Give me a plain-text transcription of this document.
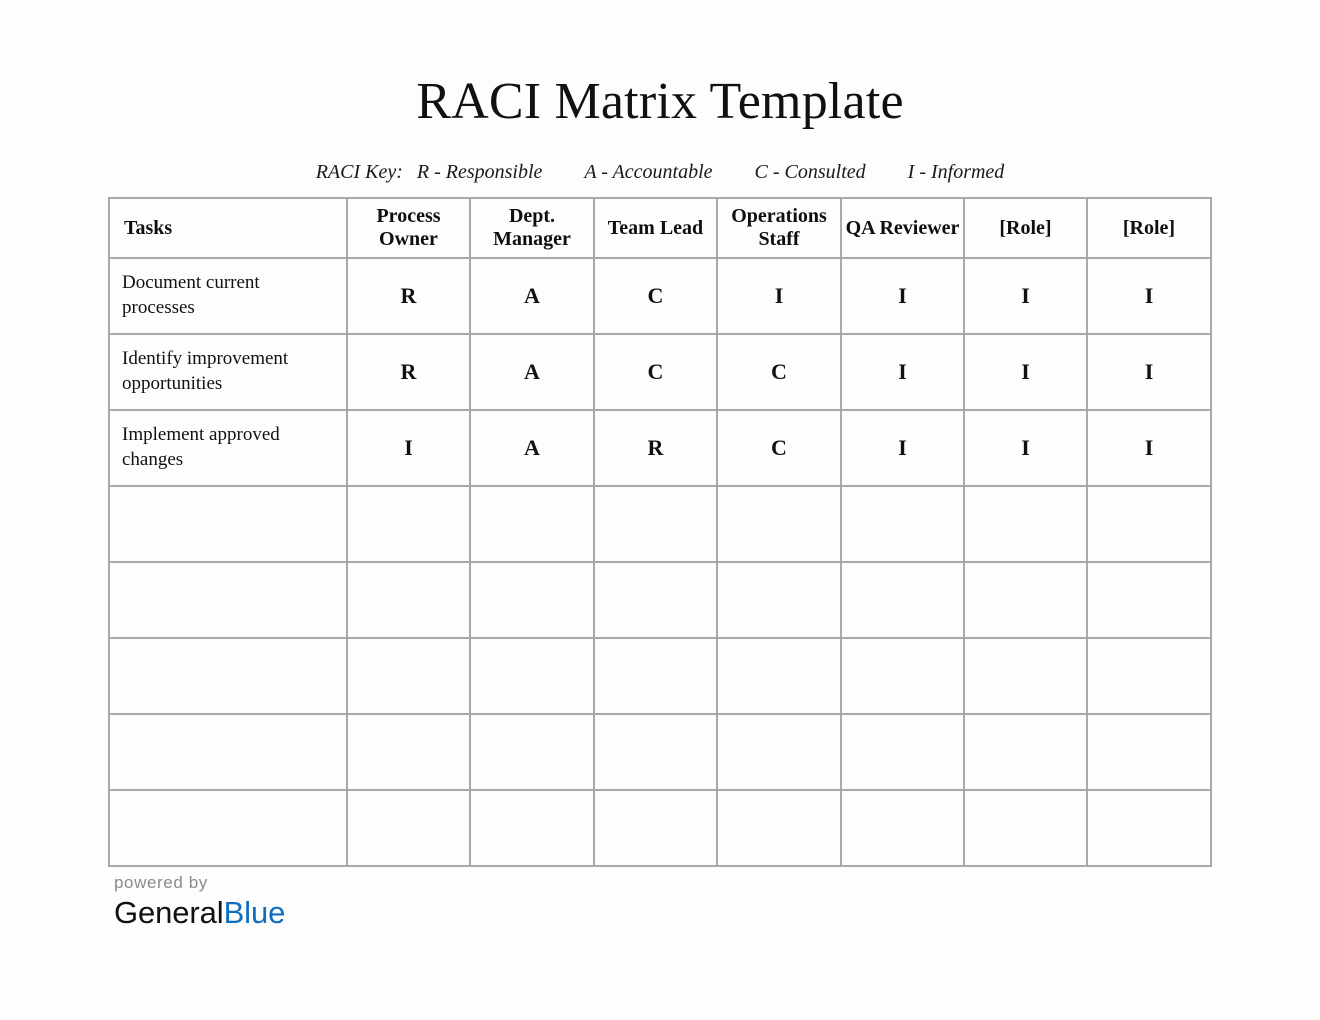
RACI Matrix Template
RACI Key: R - Responsible A - Accountable C - Consulted I - Informed
Tasks	Process Owner	Dept. Manager	Team Lead	Operations Staff	QA Reviewer	[Role]	[Role]
Document current processes	R	A	C	I	I	I	I
Identify improvement opportunities	R	A	C	C	I	I	I
Implement approved changes	I	A	R	C	I	I	I

powered by
GeneralBlue
